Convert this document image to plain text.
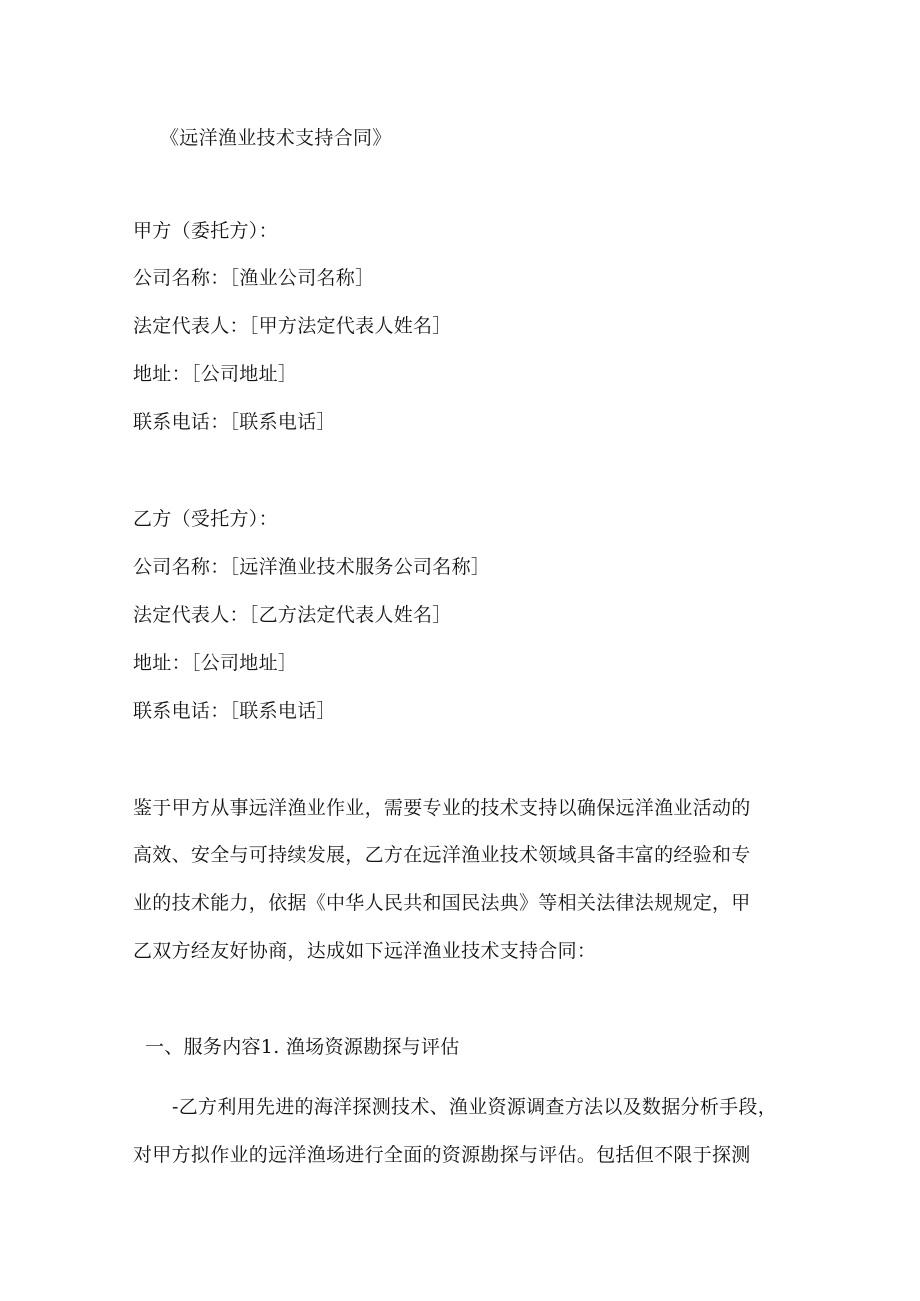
《远洋渔业技术支持合同》
甲方（委托方）：
公司名称：［渔业公司名称］
法定代表人：［甲方法定代表人姓名］
地址：［公司地址］
联系电话：［联系电话］
乙方（受托方）：
公司名称：［远洋渔业技术服务公司名称］
法定代表人：［乙方法定代表人姓名］
地址：［公司地址］
联系电话：［联系电话］
鉴于甲方从事远洋渔业作业，需要专业的技术支持以确保远洋渔业活动的
高效、安全与可持续发展，乙方在远洋渔业技术领域具备丰富的经验和专
业的技术能力，依据《中华人民共和国民法典》等相关法律法规规定，甲
乙双方经友好协商，达成如下远洋渔业技术支持合同：
一、服务内容1. 渔场资源勘探与评估
-乙方利用先进的海洋探测技术、渔业资源调查方法以及数据分析手段，
对甲方拟作业的远洋渔场进行全面的资源勘探与评估。包括但不限于探测
